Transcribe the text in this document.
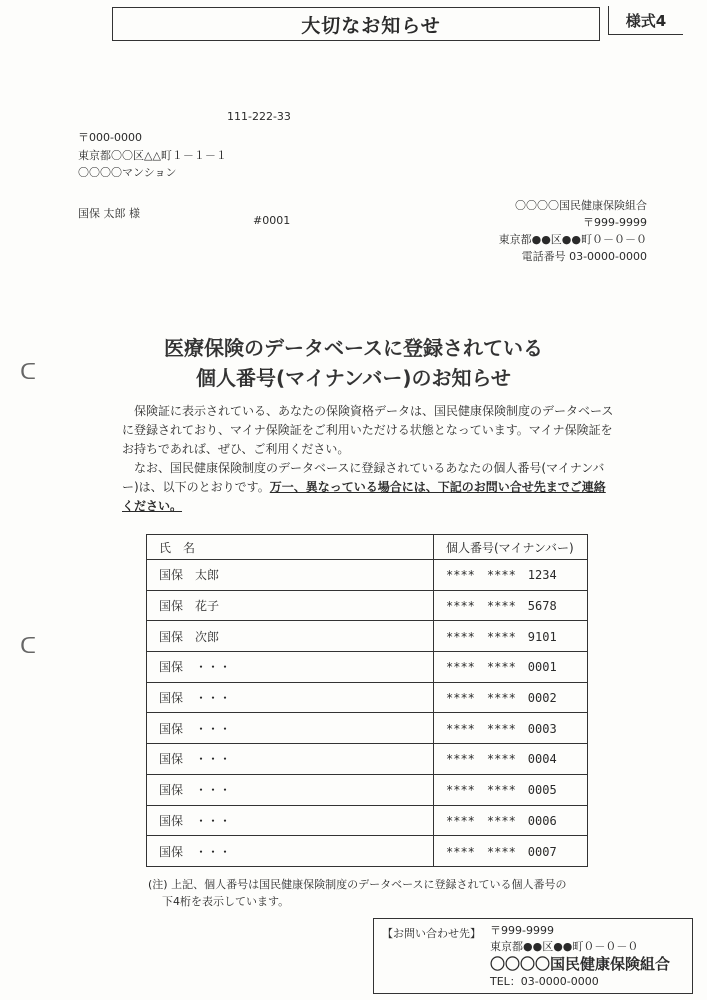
大切なお知らせ	様式4
111-222-33
〒000-0000
東京都〇〇区△△町１－１－１
〇〇〇〇マンション
国保 太郎 様
#0001
〇〇〇〇国民健康保険組合
〒999-9999
東京都●●区●●町０－０－０
電話番号 03-0000-0000
医療保険のデータベースに登録されている
個人番号(マイナンバー)のお知らせ

保険証に表示されている、あなたの保険資格データは、国民健康保険制度のデータベースに登録されており、マイナ保険証をご利用いただける状態となっています。マイナ保険証をお持ちであれば、ぜひ、ご利用ください。

なお、国民健康保険制度のデータベースに登録されているあなたの個人番号(マイナンバー)は、以下のとおりです。万一、異なっている場合には、下記のお問い合せ先までご連絡ください。

氏　名	個人番号(マイナンバー)
国保　太郎	****　****　1234
国保　花子	****　****　5678
国保　次郎	****　****　9101
国保　・・・	****　****　0001
国保　・・・	****　****　0002
国保　・・・	****　****　0003
国保　・・・	****　****　0004
国保　・・・	****　****　0005
国保　・・・	****　****　0006
国保　・・・	****　****　0007
(注) 上記、個人番号は国民健康保険制度のデータベースに登録されている個人番号の
下4桁を表示しています。
【お問い合わせ先】 〒999-9999
東京都●●区●●町０－０－０
〇〇〇〇国民健康保険組合
TEL：03-0000-0000
ᑕ
ᑕ
